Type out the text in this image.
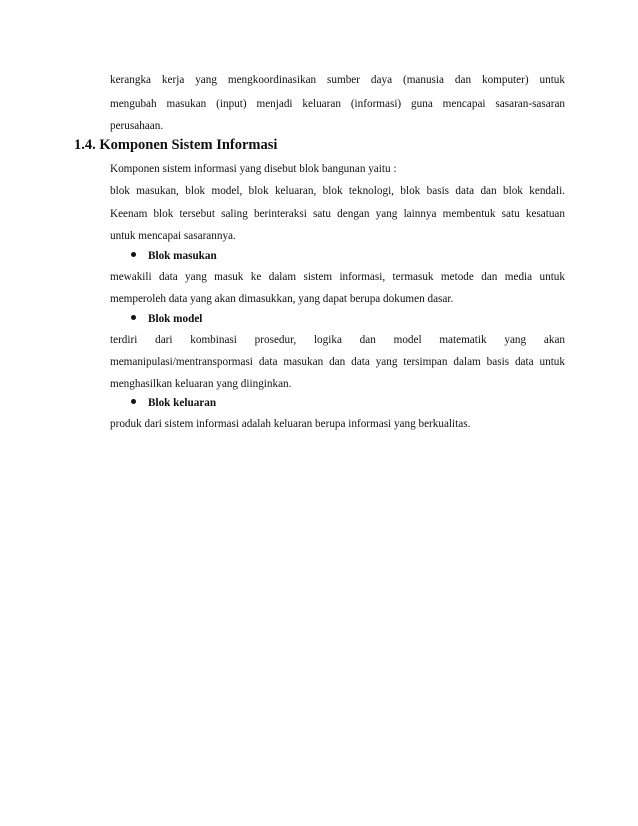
kerangka kerja yang mengkoordinasikan sumber daya (manusia dan komputer) untuk
mengubah masukan (input) menjadi keluaran (informasi) guna mencapai sasaran-sasaran
perusahaan.
1.4. Komponen Sistem Informasi
Komponen sistem informasi yang disebut blok bangunan yaitu :
blok masukan, blok model, blok keluaran, blok teknologi, blok basis data dan blok kendali.
Keenam blok tersebut saling berinteraksi satu dengan yang lainnya membentuk satu kesatuan
untuk mencapai sasarannya.
Blok masukan
mewakili data yang masuk ke dalam sistem informasi, termasuk metode dan media untuk
memperoleh data yang akan dimasukkan, yang dapat berupa dokumen dasar.
Blok model
terdiri dari kombinasi prosedur, logika dan model matematik yang akan
memanipulasi/mentranspormasi data masukan dan data yang tersimpan dalam basis data untuk
menghasilkan keluaran yang diinginkan.
Blok keluaran
produk dari sistem informasi adalah keluaran berupa informasi yang berkualitas.
